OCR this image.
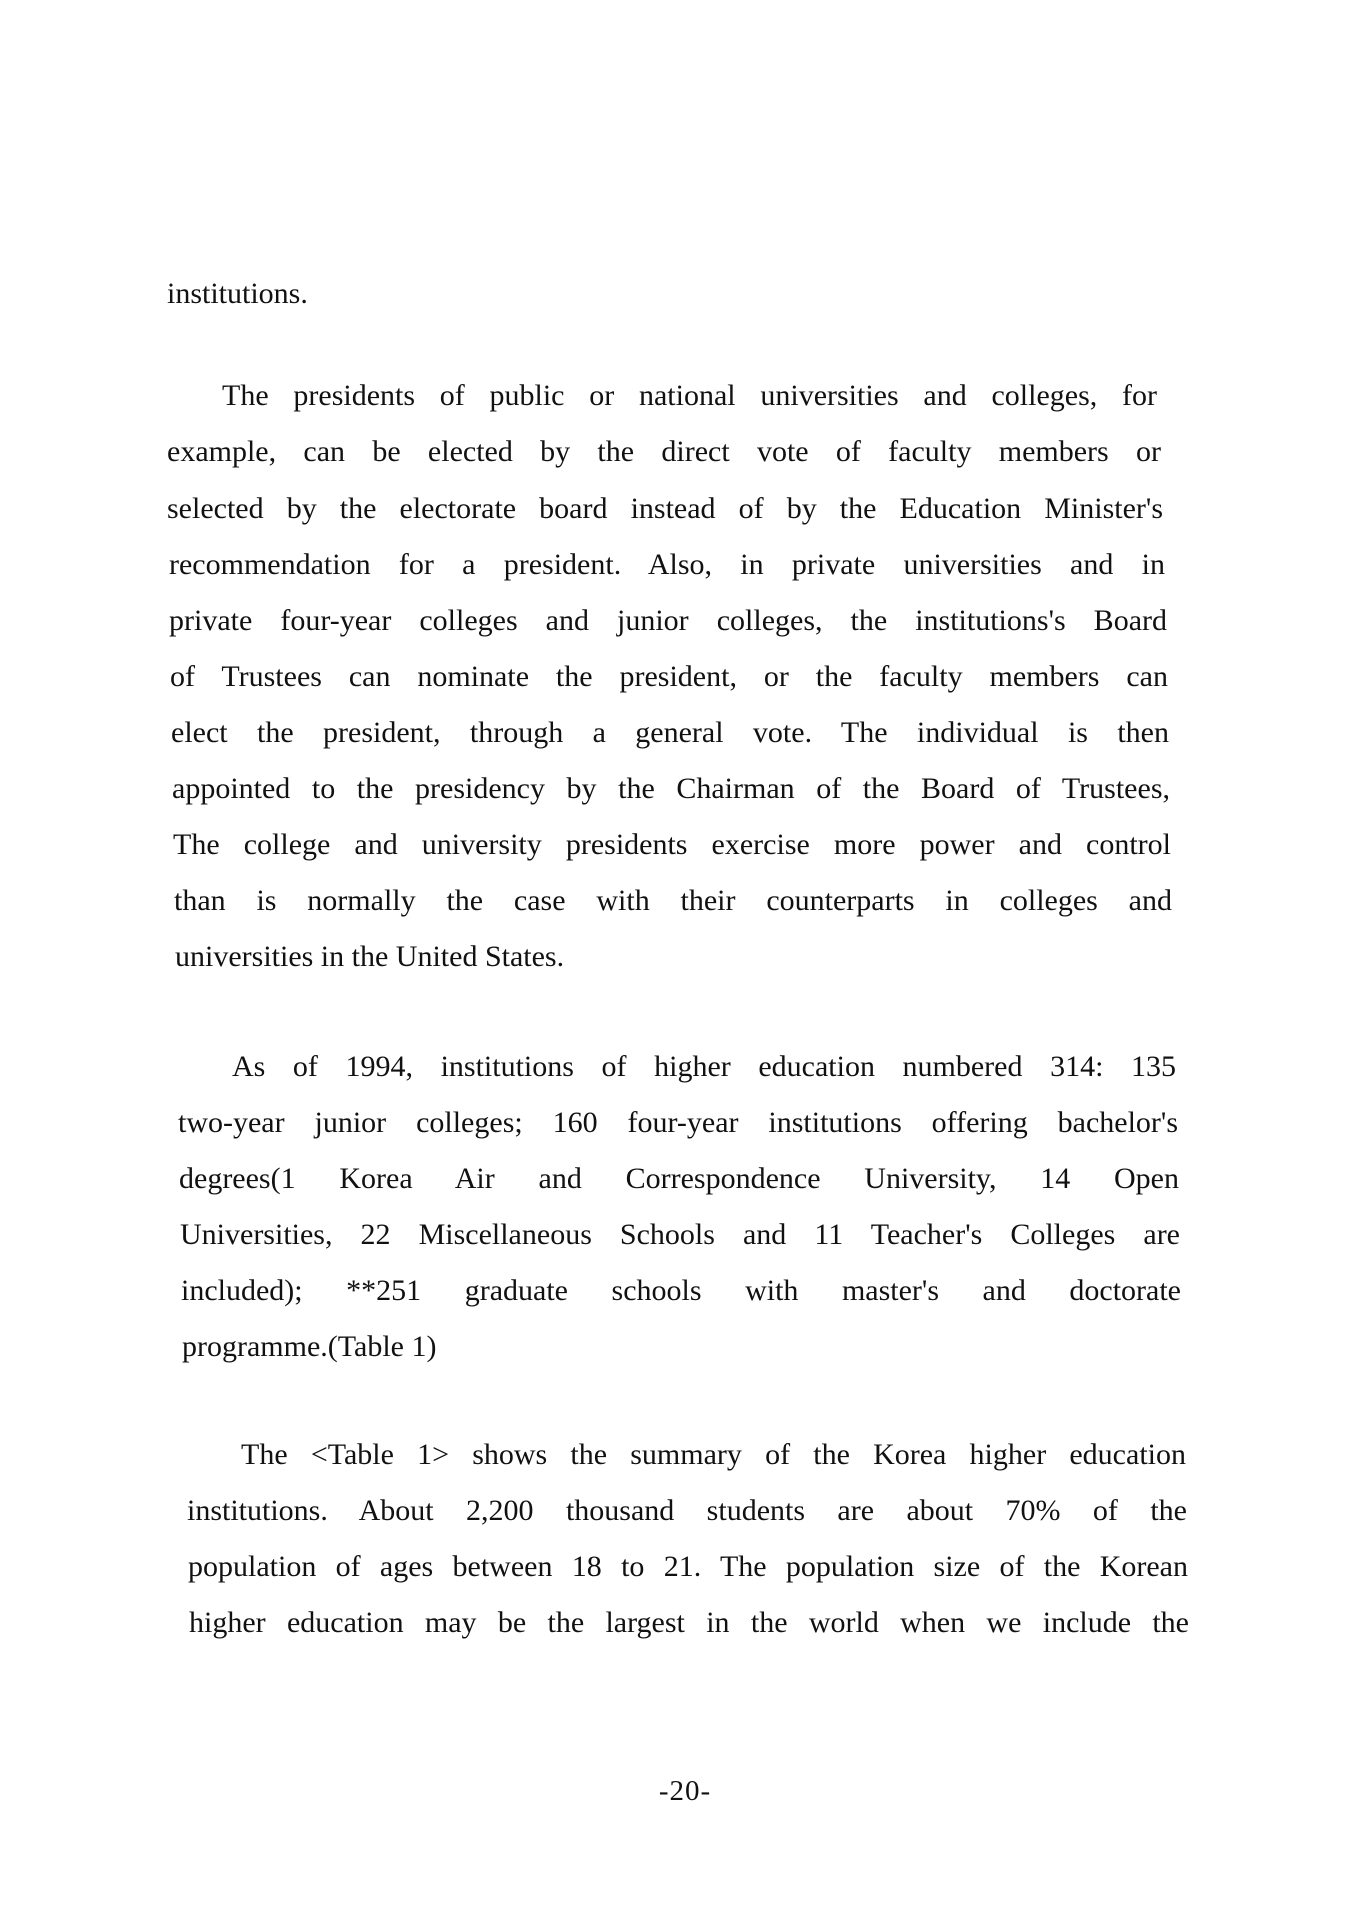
institutions.
The presidents of public or national universities and colleges, for
example, can be elected by the direct vote of faculty members or
selected by the electorate board instead of by the Education Minister's
recommendation for a president. Also, in private universities and in
private four-year colleges and junior colleges, the institutions's Board
of Trustees can nominate the president, or the faculty members can
elect the president, through a general vote. The individual is then
appointed to the presidency by the Chairman of the Board of Trustees,
The college and university presidents exercise more power and control
than is normally the case with their counterparts in colleges and
universities in the United States.
As of 1994, institutions of higher education numbered 314: 135
two-year junior colleges; 160 four-year institutions offering bachelor's
degrees(1 Korea Air and Correspondence University, 14 Open
Universities, 22 Miscellaneous Schools and 11 Teacher's Colleges are
included); **251 graduate schools with master's and doctorate
programme.(Table 1)
The <Table 1> shows the summary of the Korea higher education
institutions. About 2,200 thousand students are about 70% of the
population of ages between 18 to 21. The population size of the Korean
higher education may be the largest in the world when we include the
-20-
